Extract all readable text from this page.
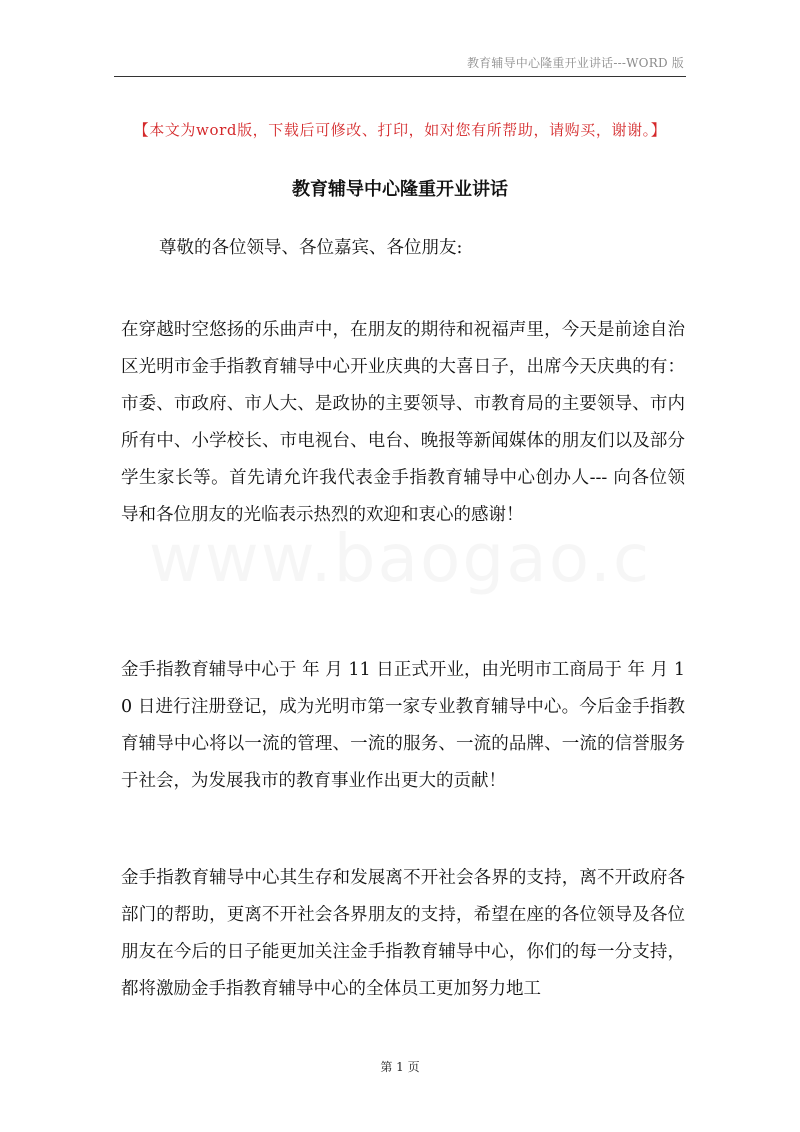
教育辅导中心隆重开业讲话---WORD 版
【本文为word版，下载后可修改、打印，如对您有所帮助，请购买，谢谢。】
教育辅导中心隆重开业讲话
尊敬的各位领导、各位嘉宾、各位朋友:
在穿越时空悠扬的乐曲声中，在朋友的期待和祝福声里，今天是前途自治区光明市金手指教育辅导中心开业庆典的大喜日子，出席今天庆典的有：市委、市政府、市人大、是政协的主要领导、市教育局的主要领导、市内所有中、小学校长、市电视台、电台、晚报等新闻媒体的朋友们以及部分学生家长等。首先请允许我代表金手指教育辅导中心创办人--- 向各位领导和各位朋友的光临表示热烈的欢迎和衷心的感谢！
金手指教育辅导中心于 年 月 11 日正式开业，由光明市工商局于 年 月 10 日进行注册登记，成为光明市第一家专业教育辅导中心。今后金手指教育辅导中心将以一流的管理、一流的服务、一流的品牌、一流的信誉服务于社会，为发展我市的教育事业作出更大的贡献！
金手指教育辅导中心其生存和发展离不开社会各界的支持，离不开政府各部门的帮助，更离不开社会各界朋友的支持，希望在座的各位领导及各位朋友在今后的日子能更加关注金手指教育辅导中心，你们的每一分支持，都将激励金手指教育辅导中心的全体员工更加努力地工
第 1 页
